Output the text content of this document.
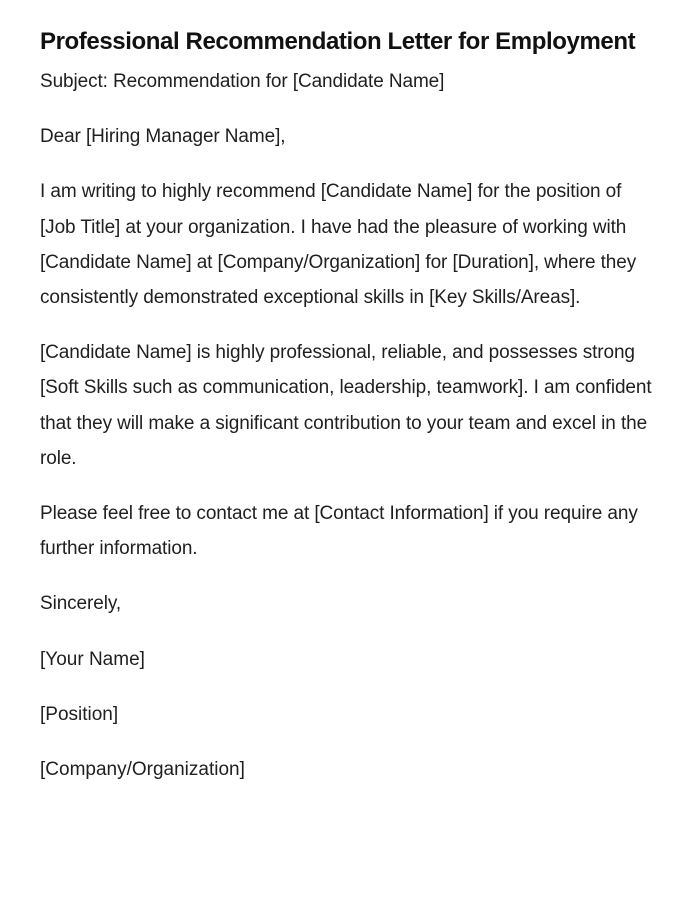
Professional Recommendation Letter for Employment

Subject: Recommendation for [Candidate Name]

Dear [Hiring Manager Name],

I am writing to highly recommend [Candidate Name] for the position of [Job Title] at your organization. I have had the pleasure of working with [Candidate Name] at [Company/Organization] for [Duration], where they consistently demonstrated exceptional skills in [Key Skills/Areas].

[Candidate Name] is highly professional, reliable, and possesses strong [Soft Skills such as communication, leadership, teamwork]. I am confident that they will make a significant contribution to your team and excel in the role.

Please feel free to contact me at [Contact Information] if you require any further information.

Sincerely,

[Your Name]

[Position]

[Company/Organization]
